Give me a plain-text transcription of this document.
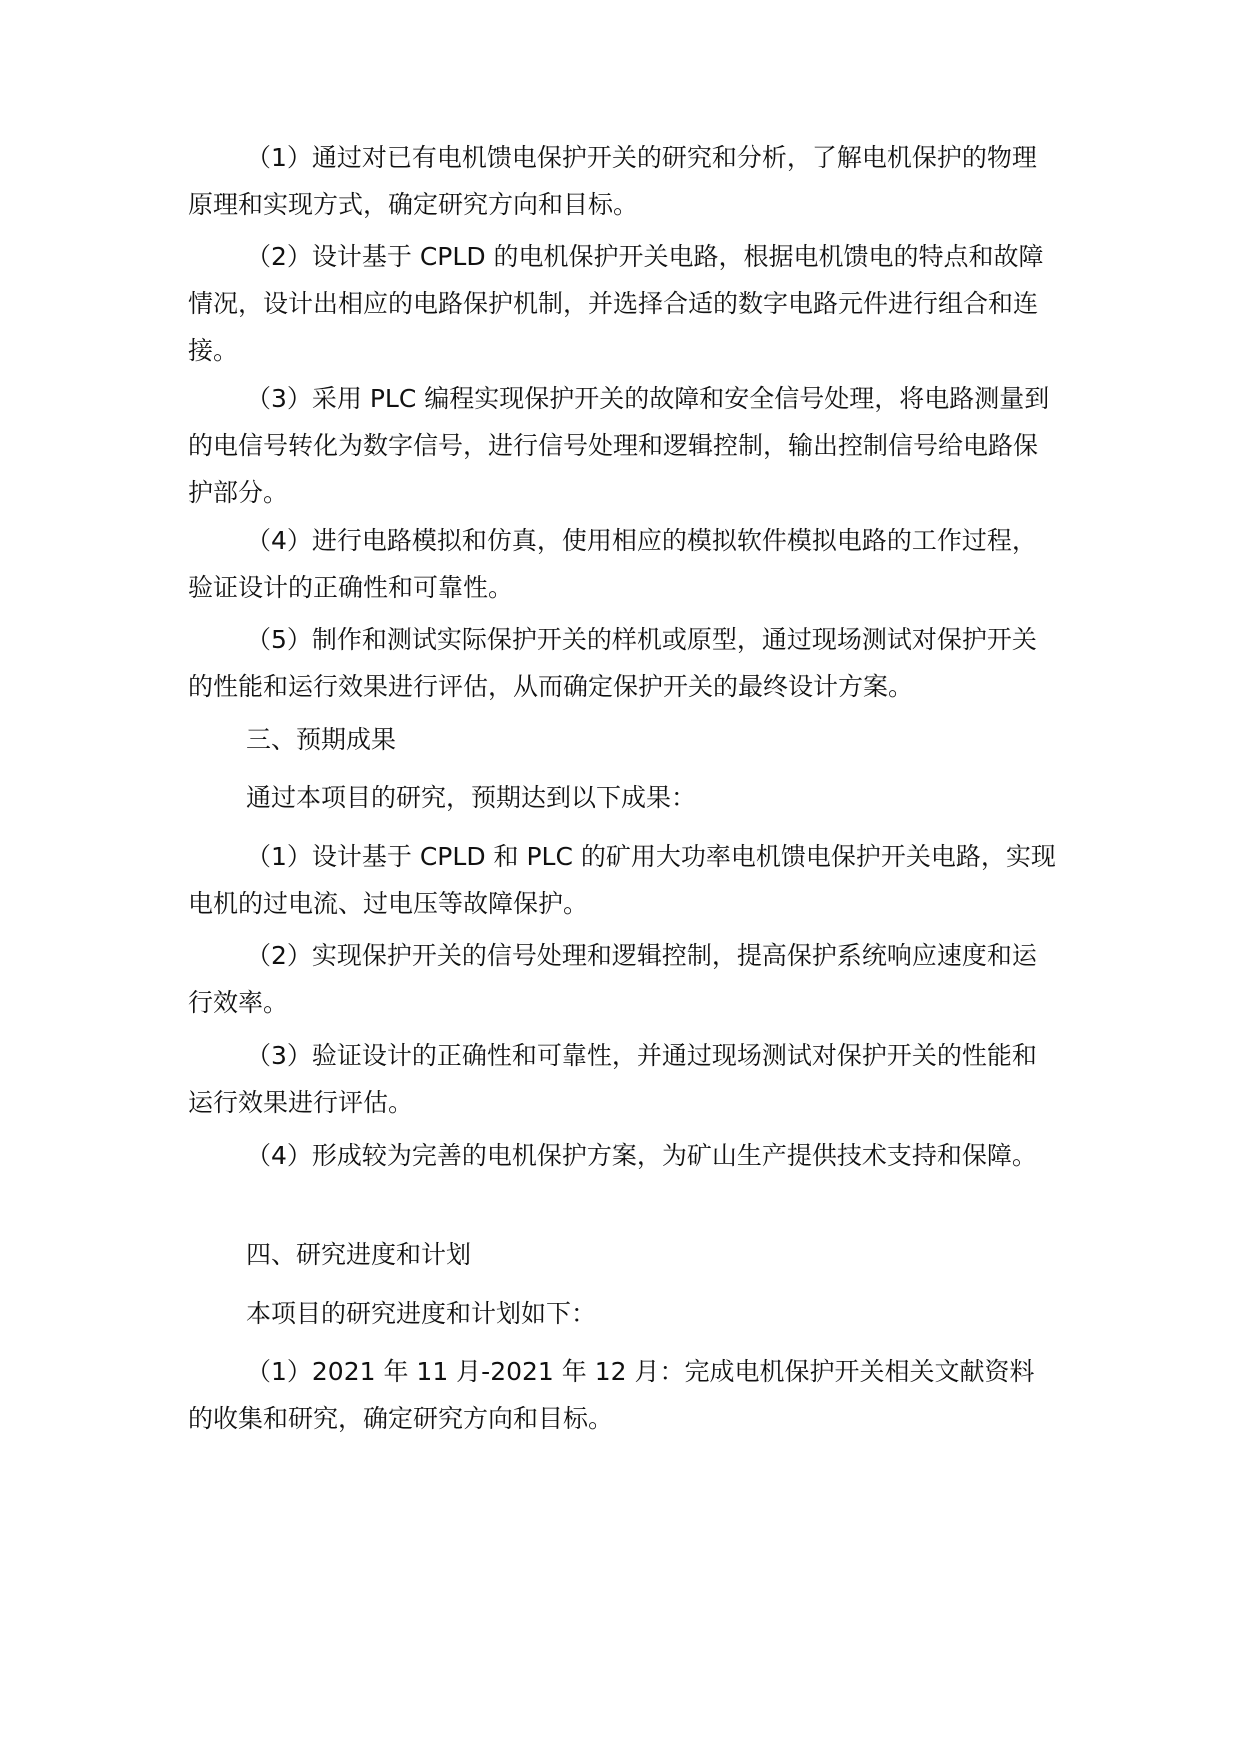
（1）通过对已有电机馈电保护开关的研究和分析，了解电机保护的物理原理和实现方式，确定研究方向和目标。

（2）设计基于 CPLD 的电机保护开关电路，根据电机馈电的特点和故障情况，设计出相应的电路保护机制，并选择合适的数字电路元件进行组合和连接。

（3）采用 PLC 编程实现保护开关的故障和安全信号处理，将电路测量到的电信号转化为数字信号，进行信号处理和逻辑控制，输出控制信号给电路保护部分。

（4）进行电路模拟和仿真，使用相应的模拟软件模拟电路的工作过程，验证设计的正确性和可靠性。

（5）制作和测试实际保护开关的样机或原型，通过现场测试对保护开关的性能和运行效果进行评估，从而确定保护开关的最终设计方案。

三、预期成果

通过本项目的研究，预期达到以下成果：

（1）设计基于 CPLD 和 PLC 的矿用大功率电机馈电保护开关电路，实现电机的过电流、过电压等故障保护。

（2）实现保护开关的信号处理和逻辑控制，提高保护系统响应速度和运行效率。

（3）验证设计的正确性和可靠性，并通过现场测试对保护开关的性能和运行效果进行评估。

（4）形成较为完善的电机保护方案，为矿山生产提供技术支持和保障。

四、研究进度和计划

本项目的研究进度和计划如下：

（1）2021 年 11 月-2021 年 12 月：完成电机保护开关相关文献资料的收集和研究，确定研究方向和目标。
